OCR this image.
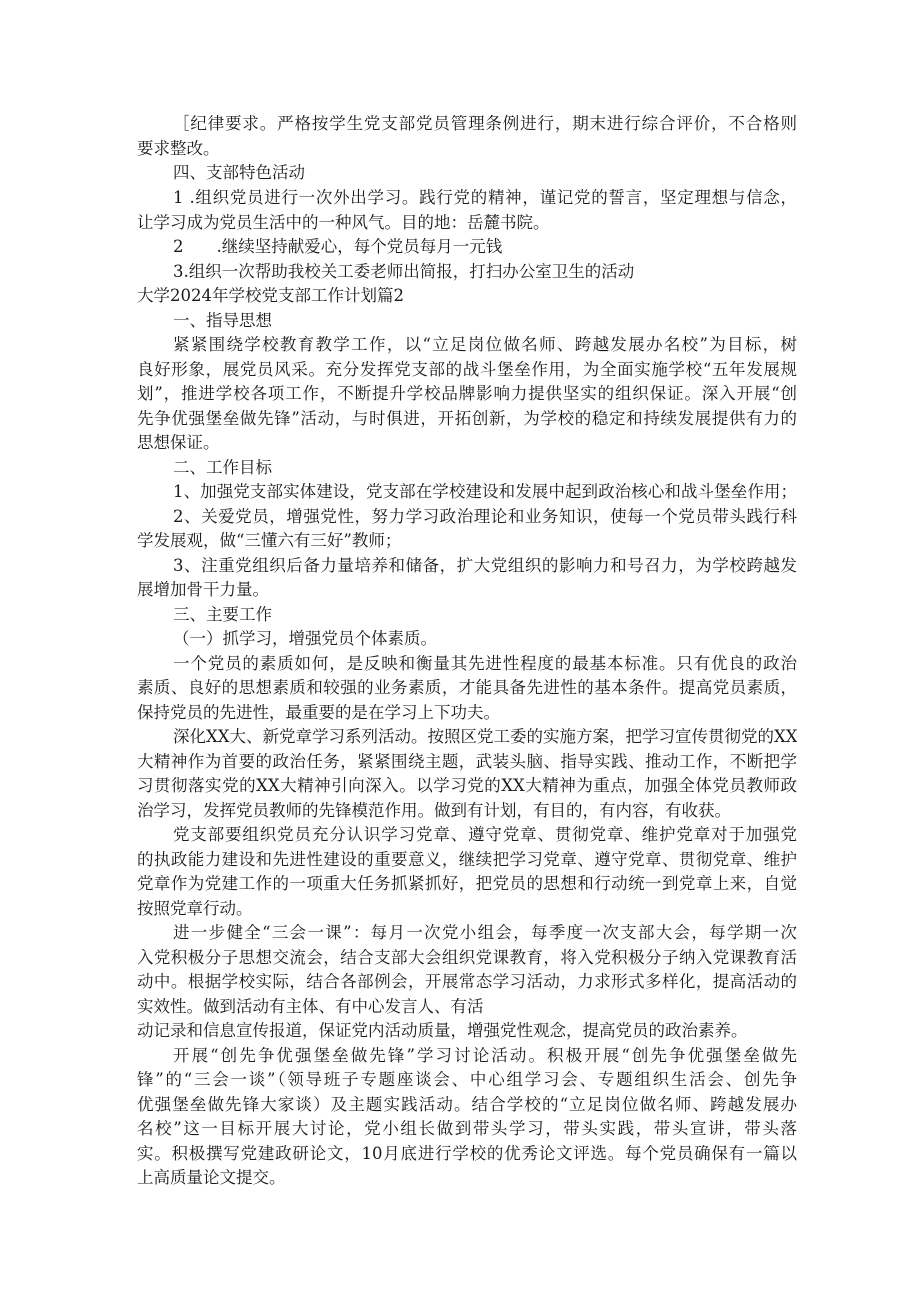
［纪律要求。严格按学生党支部党员管理条例进行，期末进行综合评价，不合格则
要求整改。
四、支部特色活动
1 .组织党员进行一次外出学习。践行党的精神，谨记党的誓言，坚定理想与信念，
让学习成为党员生活中的一种风气。目的地：岳麓书院。
2　　.继续坚持献爱心，每个党员每月一元钱
3.组织一次帮助我校关工委老师出简报，打扫办公室卫生的活动
大学2024年学校党支部工作计划篇2
一、指导思想
紧紧围绕学校教育教学工作，以“立足岗位做名师、跨越发展办名校”为目标，树
良好形象，展党员风采。充分发挥党支部的战斗堡垒作用，为全面实施学校“五年发展规
划”，推进学校各项工作，不断提升学校品牌影响力提供坚实的组织保证。深入开展“创
先争优强堡垒做先锋”活动，与时俱进，开拓创新，为学校的稳定和持续发展提供有力的
思想保证。
二、工作目标
1、加强党支部实体建设，党支部在学校建设和发展中起到政治核心和战斗堡垒作用；
2、关爱党员，增强党性，努力学习政治理论和业务知识，使每一个党员带头践行科
学发展观，做“三懂六有三好”教师；
3、注重党组织后备力量培养和储备，扩大党组织的影响力和号召力，为学校跨越发
展增加骨干力量。
三、主要工作
（一）抓学习，增强党员个体素质。
一个党员的素质如何，是反映和衡量其先进性程度的最基本标准。只有优良的政治
素质、良好的思想素质和较强的业务素质，才能具备先进性的基本条件。提高党员素质，
保持党员的先进性，最重要的是在学习上下功夫。
深化XX大、新党章学习系列活动。按照区党工委的实施方案，把学习宣传贯彻党的XX
大精神作为首要的政治任务，紧紧围绕主题，武装头脑、指导实践、推动工作，不断把学
习贯彻落实党的XX大精神引向深入。以学习党的XX大精神为重点，加强全体党员教师政
治学习，发挥党员教师的先锋模范作用。做到有计划，有目的，有内容，有收获。
党支部要组织党员充分认识学习党章、遵守党章、贯彻党章、维护党章对于加强党
的执政能力建设和先进性建设的重要意义，继续把学习党章、遵守党章、贯彻党章、维护
党章作为党建工作的一项重大任务抓紧抓好，把党员的思想和行动统一到党章上来，自觉
按照党章行动。
进一步健全“三会一课”：每月一次党小组会，每季度一次支部大会，每学期一次
入党积极分子思想交流会，结合支部大会组织党课教育，将入党积极分子纳入党课教育活
动中。根据学校实际，结合各部例会，开展常态学习活动，力求形式多样化，提高活动的
实效性。做到活动有主体、有中心发言人、有活
动记录和信息宣传报道，保证党内活动质量，增强党性观念，提高党员的政治素养。
开展“创先争优强堡垒做先锋”学习讨论活动。积极开展“创先争优强堡垒做先
锋”的“三会一谈”（领导班子专题座谈会、中心组学习会、专题组织生活会、创先争
优强堡垒做先锋大家谈）及主题实践活动。结合学校的“立足岗位做名师、跨越发展办
名校”这一目标开展大讨论，党小组长做到带头学习，带头实践，带头宣讲，带头落
实。积极撰写党建政研论文，10月底进行学校的优秀论文评选。每个党员确保有一篇以
上高质量论文提交。
